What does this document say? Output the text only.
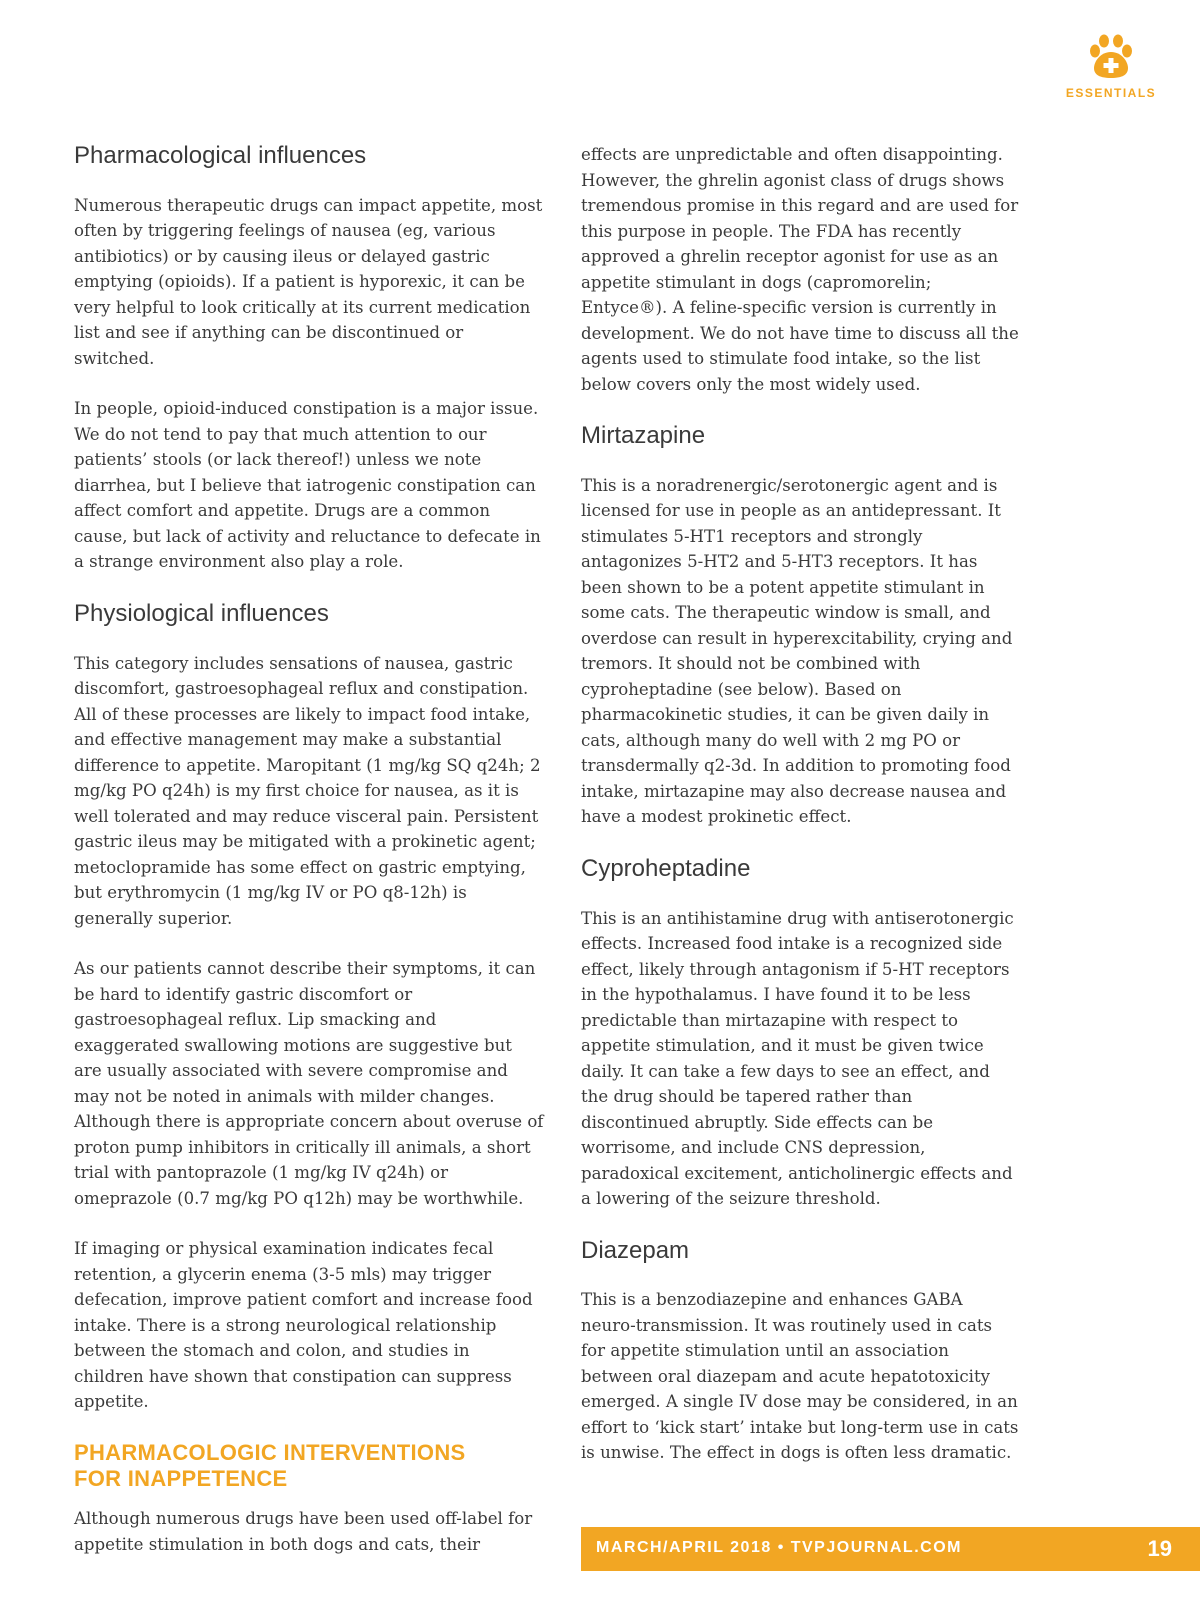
ESSENTIALS
Pharmacological influences

Numerous therapeutic drugs can impact appetite, most often by triggering feelings of nausea (eg, various antibiotics) or by causing ileus or delayed gastric emptying (opioids). If a patient is hyporexic, it can be very helpful to look critically at its current medication list and see if anything can be discontinued or switched.

In people, opioid-induced constipation is a major issue. We do not tend to pay that much attention to our patients’ stools (or lack thereof!) unless we note diarrhea, but I believe that iatrogenic constipation can affect comfort and appetite. Drugs are a common cause, but lack of activity and reluctance to defecate in a strange environment also play a role.

Physiological influences

This category includes sensations of nausea, gastric discomfort, gastroesophageal reflux and constipation. All of these processes are likely to impact food intake, and effective management may make a substantial difference to appetite. Maropitant (1 mg/kg SQ q24h; 2 mg/kg PO q24h) is my first choice for nausea, as it is well tolerated and may reduce visceral pain. Persistent gastric ileus may be mitigated with a prokinetic agent; metoclopramide has some effect on gastric emptying, but erythromycin (1 mg/kg IV or PO q8-12h) is generally superior.

As our patients cannot describe their symptoms, it can be hard to identify gastric discomfort or gastroesophageal reflux. Lip smacking and exaggerated swallowing motions are suggestive but are usually associated with severe compromise and may not be noted in animals with milder changes. Although there is appropriate concern about overuse of proton pump inhibitors in critically ill animals, a short trial with pantoprazole (1 mg/kg IV q24h) or omeprazole (0.7 mg/kg PO q12h) may be worthwhile.

If imaging or physical examination indicates fecal retention, a glycerin enema (3-5 mls) may trigger defecation, improve patient comfort and increase food intake. There is a strong neurological relationship between the stomach and colon, and studies in children have shown that constipation can suppress appetite.

PHARMACOLOGIC INTERVENTIONS
FOR INAPPETENCE

Although numerous drugs have been used off-label for appetite stimulation in both dogs and cats, their

effects are unpredictable and often disappointing. However, the ghrelin agonist class of drugs shows tremendous promise in this regard and are used for this purpose in people. The FDA has recently approved a ghrelin receptor agonist for use as an appetite stimulant in dogs (capromorelin; Entyce®). A feline-specific version is currently in development. We do not have time to discuss all the agents used to stimulate food intake, so the list below covers only the most widely used.

Mirtazapine

This is a noradrenergic/serotonergic agent and is licensed for use in people as an antidepressant. It stimulates 5-HT1 receptors and strongly antagonizes 5-HT2 and 5-HT3 receptors. It has been shown to be a potent appetite stimulant in some cats. The therapeutic window is small, and overdose can result in hyperexcitability, crying and tremors. It should not be combined with cyproheptadine (see below). Based on pharmacokinetic studies, it can be given daily in cats, although many do well with 2 mg PO or transdermally q2-3d. In addition to promoting food intake, mirtazapine may also decrease nausea and have a modest prokinetic effect.

Cyproheptadine

This is an antihistamine drug with antiserotonergic effects. Increased food intake is a recognized side effect, likely through antagonism if 5-HT receptors in the hypothalamus. I have found it to be less predictable than mirtazapine with respect to appetite stimulation, and it must be given twice daily. It can take a few days to see an effect, and the drug should be tapered rather than discontinued abruptly. Side effects can be worrisome, and include CNS depression, paradoxical excitement, anticholinergic effects and a lowering of the seizure threshold.

Diazepam

This is a benzodiazepine and enhances GABA neuro-transmission. It was routinely used in cats for appetite stimulation until an association between oral diazepam and acute hepatotoxicity emerged. A single IV dose may be considered, in an effort to ‘kick start’ intake but long-term use in cats is unwise. The effect in dogs is often less dramatic.

MARCH/APRIL 2018 • TVPJOURNAL.COM	19
